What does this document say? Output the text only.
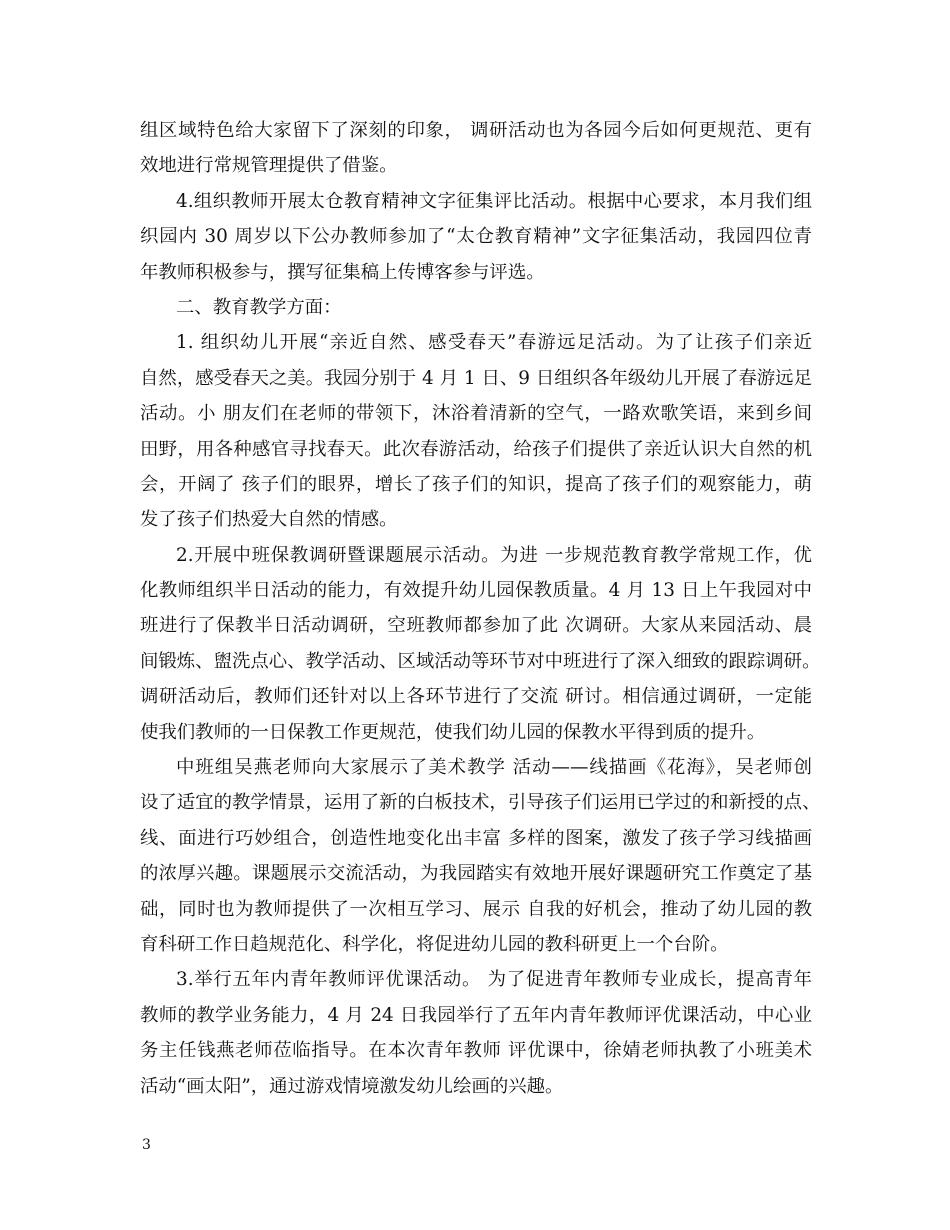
组区域特色给大家留下了深刻的印象， 调研活动也为各园今后如何更规范、更有
效地进行常规管理提供了借鉴。
4.组织教师开展太仓教育精神文字征集评比活动。根据中心要求，本月我们组
织园内 30 周岁以下公办教师参加了“太仓教育精神”文字征集活动，我园四位青
年教师积极参与，撰写征集稿上传博客参与评选。
二、教育教学方面：
1. 组织幼儿开展“亲近自然、感受春天”春游远足活动。为了让孩子们亲近
自然，感受春天之美。我园分别于 4 月 1 日、9 日组织各年级幼儿开展了春游远足
活动。小 朋友们在老师的带领下，沐浴着清新的空气，一路欢歌笑语，来到乡间
田野，用各种感官寻找春天。此次春游活动，给孩子们提供了亲近认识大自然的机
会，开阔了 孩子们的眼界，增长了孩子们的知识，提高了孩子们的观察能力，萌
发了孩子们热爱大自然的情感。
2.开展中班保教调研暨课题展示活动。为进 一步规范教育教学常规工作，优
化教师组织半日活动的能力，有效提升幼儿园保教质量。4 月 13 日上午我园对中
班进行了保教半日活动调研，空班教师都参加了此 次调研。大家从来园活动、晨
间锻炼、盥洗点心、教学活动、区域活动等环节对中班进行了深入细致的跟踪调研。
调研活动后，教师们还针对以上各环节进行了交流 研讨。相信通过调研，一定能
使我们教师的一日保教工作更规范，使我们幼儿园的保教水平得到质的提升。
中班组吴燕老师向大家展示了美术教学 活动——线描画《花海》，吴老师创
设了适宜的教学情景，运用了新的白板技术，引导孩子们运用已学过的和新授的点、
线、面进行巧妙组合，创造性地变化出丰富 多样的图案，激发了孩子学习线描画
的浓厚兴趣。课题展示交流活动，为我园踏实有效地开展好课题研究工作奠定了基
础，同时也为教师提供了一次相互学习、展示 自我的好机会，推动了幼儿园的教
育科研工作日趋规范化、科学化，将促进幼儿园的教科研更上一个台阶。
3.举行五年内青年教师评优课活动。 为了促进青年教师专业成长，提高青年
教师的教学业务能力，4 月 24 日我园举行了五年内青年教师评优课活动，中心业
务主任钱燕老师莅临指导。在本次青年教师 评优课中，徐婧老师执教了小班美术
活动“画太阳”，通过游戏情境激发幼儿绘画的兴趣。
3
